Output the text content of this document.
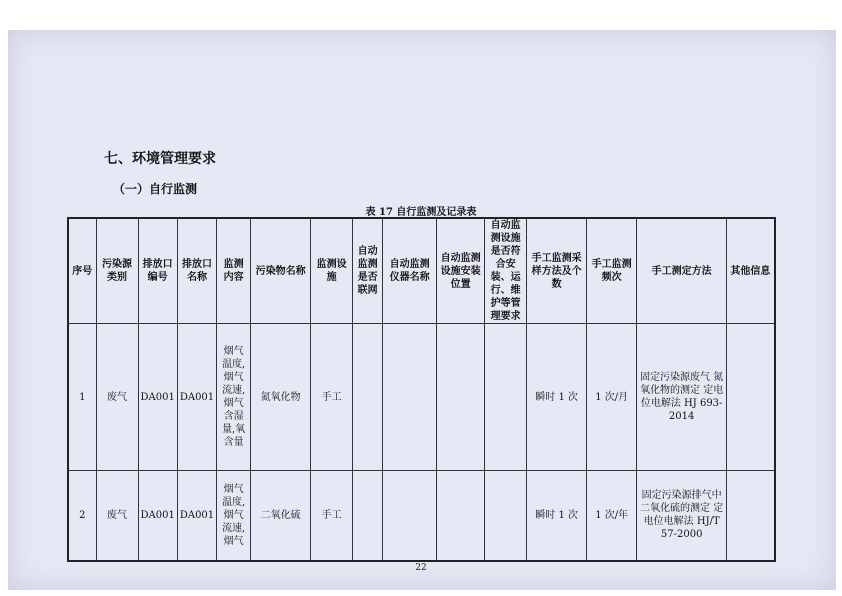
七、环境管理要求
（一）自行监测
表 17 自行监测及记录表
序号	污染源类别	排放口编号	排放口名称	监测内容	污染物名称	监测设施	自动监测是否联网	自动监测仪器名称	自动监测设施安装位置	自动监测设施是否符合安装、运行、维护等管理要求	手工监测采样方法及个数	手工监测频次	手工测定方法	其他信息
1	废气	DA001	DA001	烟气温度,烟气流速,烟气含湿量,氧含量	氮氧化物	手工					瞬时 1 次	1 次/月	固定污染源废气 氮氧化物的测定 定电位电解法 HJ 693-2014	
2	废气	DA001	DA001	烟气温度,烟气流速,烟气	二氧化硫	手工					瞬时 1 次	1 次/年	固定污染源排气中二氧化硫的测定 定电位电解法 HJ/T 57-2000	
22
